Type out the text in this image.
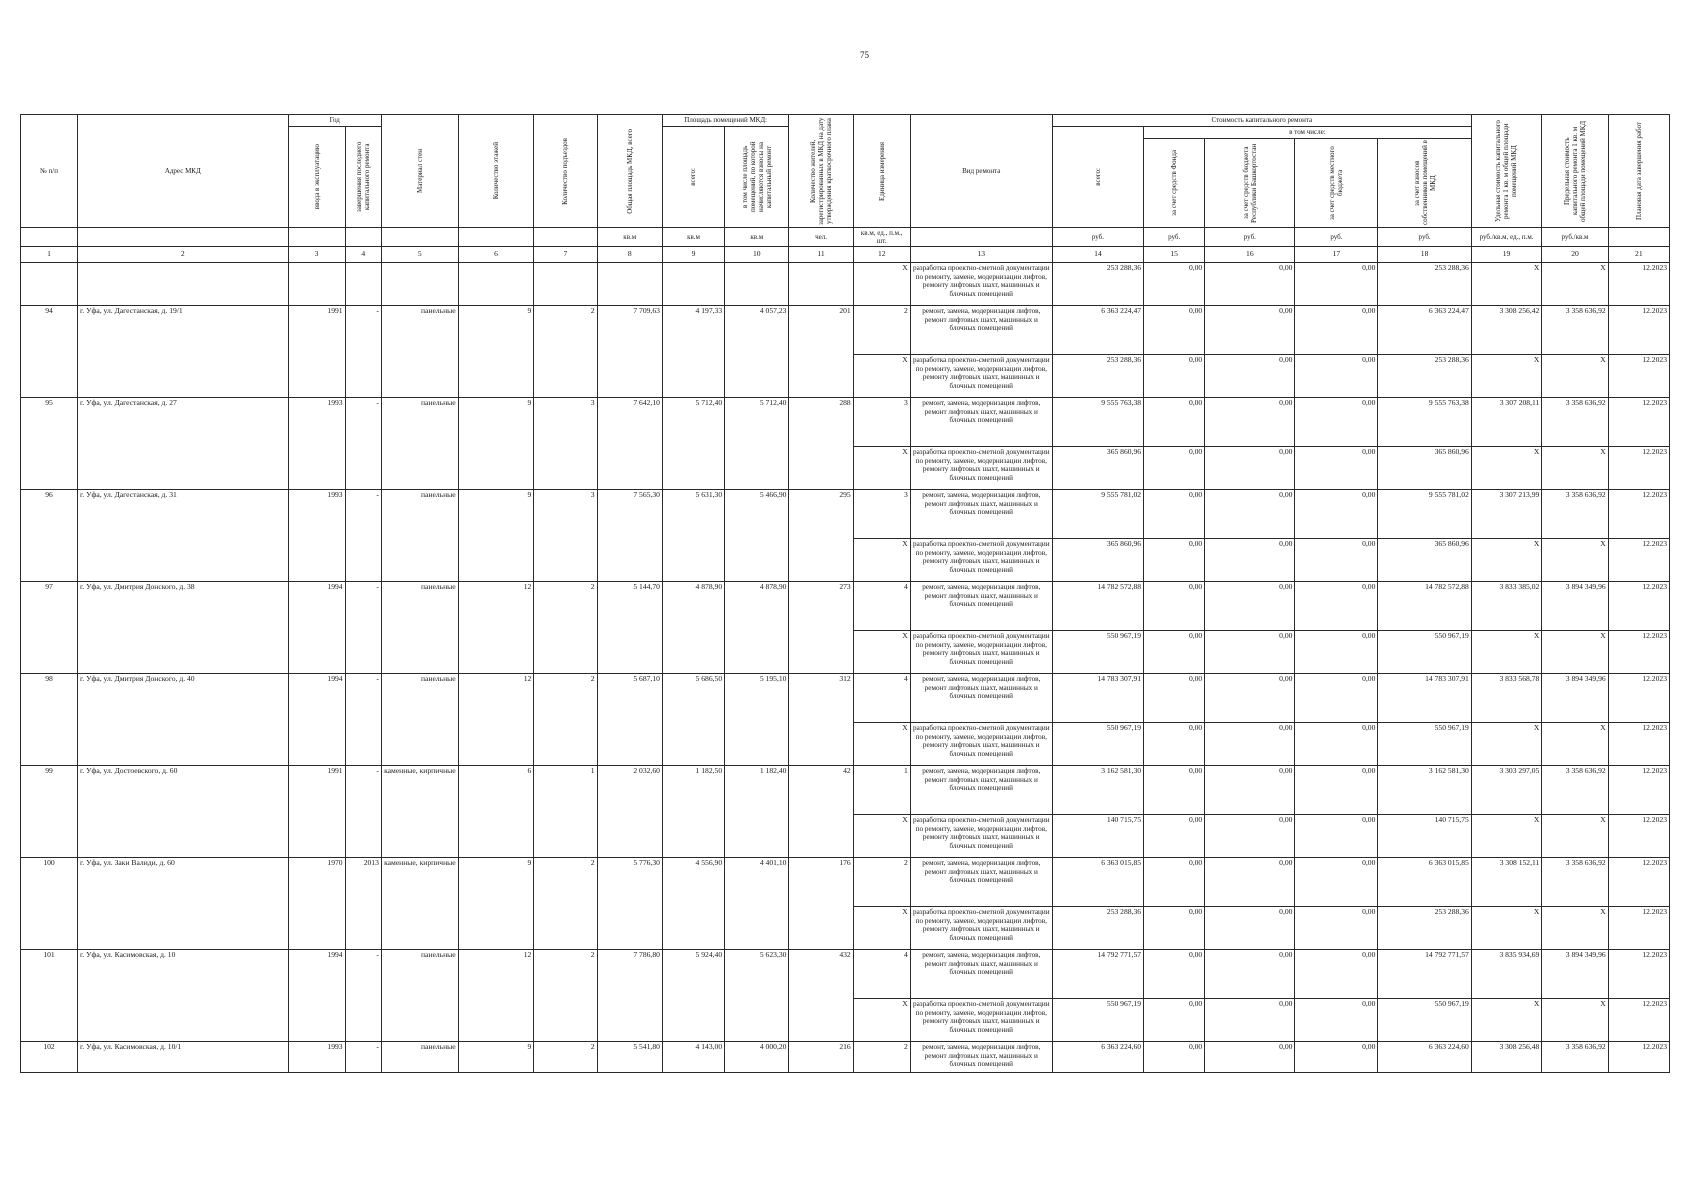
75
№ п/п	Адрес МКД	Год		Материал стен	Количество этажей	Количество подъездов	Общая площадь МКД, всего	Площадь помещений МКД:		Количество жителей, зарегистрированных в МКД на дату утверждения краткосрочного плана	Единица измерения	Вид ремонта	Стоимость капитального ремонта					Удельная стоимость капитального ремонта 1 кв. м общей площади помещений МКД	Предельная стоимость капитального ремонта 1 кв. м общей площади помещений МКД	Плановая дата завершения работ

		ввода в эксплуатацию	завершения последнего капитального ремонта					всего:	в том числе площадь помещений, по которой начисляются взносы на капитальный ремонт				всего:	в том числе:						

														за счет средств Фонда	за счет средств бюджета Республики Башкортостан	за счет средств местного бюджета	за счет взносов собственников помещений в МКД			

							кв.м	кв.м	кв.м	чел.	кв.м, ед., п.м., шт.		руб.	руб.	руб.	руб.	руб.	руб./кв.м, ед., п.м.	руб./кв.м	
1	2	3	4	5	6	7	8	9	10	11	12	13	14	15	16	17	18	19	20	21
											X	разработка проектно-сметной документации по ремонту, замене, модернизации лифтов, ремонту лифтовых шахт, машинных и блочных помещений	253 288,36	0,00	0,00	0,00	253 288,36	X	X	12.2023
94	г. Уфа, ул. Дагестанская, д. 19/1	1991	-	панельные	9	2	7 709,63	4 197,33	4 057,23	201	2	ремонт, замена, модернизация лифтов, ремонт лифтовых шахт, машинных и блочных помещений	6 363 224,47	0,00	0,00	0,00	6 363 224,47	3 308 256,42	3 358 636,92	12.2023
											X	разработка проектно-сметной документации по ремонту, замене, модернизации лифтов, ремонту лифтовых шахт, машинных и блочных помещений	253 288,36	0,00	0,00	0,00	253 288,36	X	X	12.2023
95	г. Уфа, ул. Дагестанская, д. 27	1993	-	панельные	9	3	7 642,10	5 712,40	5 712,40	288	3	ремонт, замена, модернизация лифтов, ремонт лифтовых шахт, машинных и блочных помещений	9 555 763,38	0,00	0,00	0,00	9 555 763,38	3 307 208,11	3 358 636,92	12.2023
											X	разработка проектно-сметной документации по ремонту, замене, модернизации лифтов, ремонту лифтовых шахт, машинных и блочных помещений	365 860,96	0,00	0,00	0,00	365 860,96	X	X	12.2023
96	г. Уфа, ул. Дагестанская, д. 31	1993	-	панельные	9	3	7 565,30	5 631,30	5 466,90	295	3	ремонт, замена, модернизация лифтов, ремонт лифтовых шахт, машинных и блочных помещений	9 555 781,02	0,00	0,00	0,00	9 555 781,02	3 307 213,99	3 358 636,92	12.2023
											X	разработка проектно-сметной документации по ремонту, замене, модернизации лифтов, ремонту лифтовых шахт, машинных и блочных помещений	365 860,96	0,00	0,00	0,00	365 860,96	X	X	12.2023
97	г. Уфа, ул. Дмитрия Донского, д. 38	1994	-	панельные	12	2	5 144,70	4 878,90	4 878,90	273	4	ремонт, замена, модернизация лифтов, ремонт лифтовых шахт, машинных и блочных помещений	14 782 572,88	0,00	0,00	0,00	14 782 572,88	3 833 385,02	3 894 349,96	12.2023
											X	разработка проектно-сметной документации по ремонту, замене, модернизации лифтов, ремонту лифтовых шахт, машинных и блочных помещений	550 967,19	0,00	0,00	0,00	550 967,19	X	X	12.2023
98	г. Уфа, ул. Дмитрия Донского, д. 40	1994	-	панельные	12	2	5 687,10	5 686,50	5 195,10	312	4	ремонт, замена, модернизация лифтов, ремонт лифтовых шахт, машинных и блочных помещений	14 783 307,91	0,00	0,00	0,00	14 783 307,91	3 833 568,78	3 894 349,96	12.2023
											X	разработка проектно-сметной документации по ремонту, замене, модернизации лифтов, ремонту лифтовых шахт, машинных и блочных помещений	550 967,19	0,00	0,00	0,00	550 967,19	X	X	12.2023
99	г. Уфа, ул. Достоевского, д. 60	1991	-	каменные, кирпичные	6	1	2 032,60	1 182,50	1 182,40	42	1	ремонт, замена, модернизация лифтов, ремонт лифтовых шахт, машинных и блочных помещений	3 162 581,30	0,00	0,00	0,00	3 162 581,30	3 303 297,05	3 358 636,92	12.2023
											X	разработка проектно-сметной документации по ремонту, замене, модернизации лифтов, ремонту лифтовых шахт, машинных и блочных помещений	140 715,75	0,00	0,00	0,00	140 715,75	X	X	12.2023
100	г. Уфа, ул. Заки Валиди, д. 60	1970	2013	каменные, кирпичные	9	2	5 776,30	4 556,90	4 401,10	176	2	ремонт, замена, модернизация лифтов, ремонт лифтовых шахт, машинных и блочных помещений	6 363 015,85	0,00	0,00	0,00	6 363 015,85	3 308 152,11	3 358 636,92	12.2023
											X	разработка проектно-сметной документации по ремонту, замене, модернизации лифтов, ремонту лифтовых шахт, машинных и блочных помещений	253 288,36	0,00	0,00	0,00	253 288,36	X	X	12.2023
101	г. Уфа, ул. Касимовская, д. 10	1994	-	панельные	12	2	7 786,80	5 924,40	5 623,30	432	4	ремонт, замена, модернизация лифтов, ремонт лифтовых шахт, машинных и блочных помещений	14 792 771,57	0,00	0,00	0,00	14 792 771,57	3 835 934,69	3 894 349,96	12.2023
											X	разработка проектно-сметной документации по ремонту, замене, модернизации лифтов, ремонту лифтовых шахт, машинных и блочных помещений	550 967,19	0,00	0,00	0,00	550 967,19	X	X	12.2023
102	г. Уфа, ул. Касимовская, д. 10/1	1993	-	панельные	9	2	5 541,80	4 143,00	4 000,20	216	2	ремонт, замена, модернизация лифтов, ремонт лифтовых шахт, машинных и блочных помещений	6 363 224,60	0,00	0,00	0,00	6 363 224,60	3 308 256,48	3 358 636,92	12.2023
